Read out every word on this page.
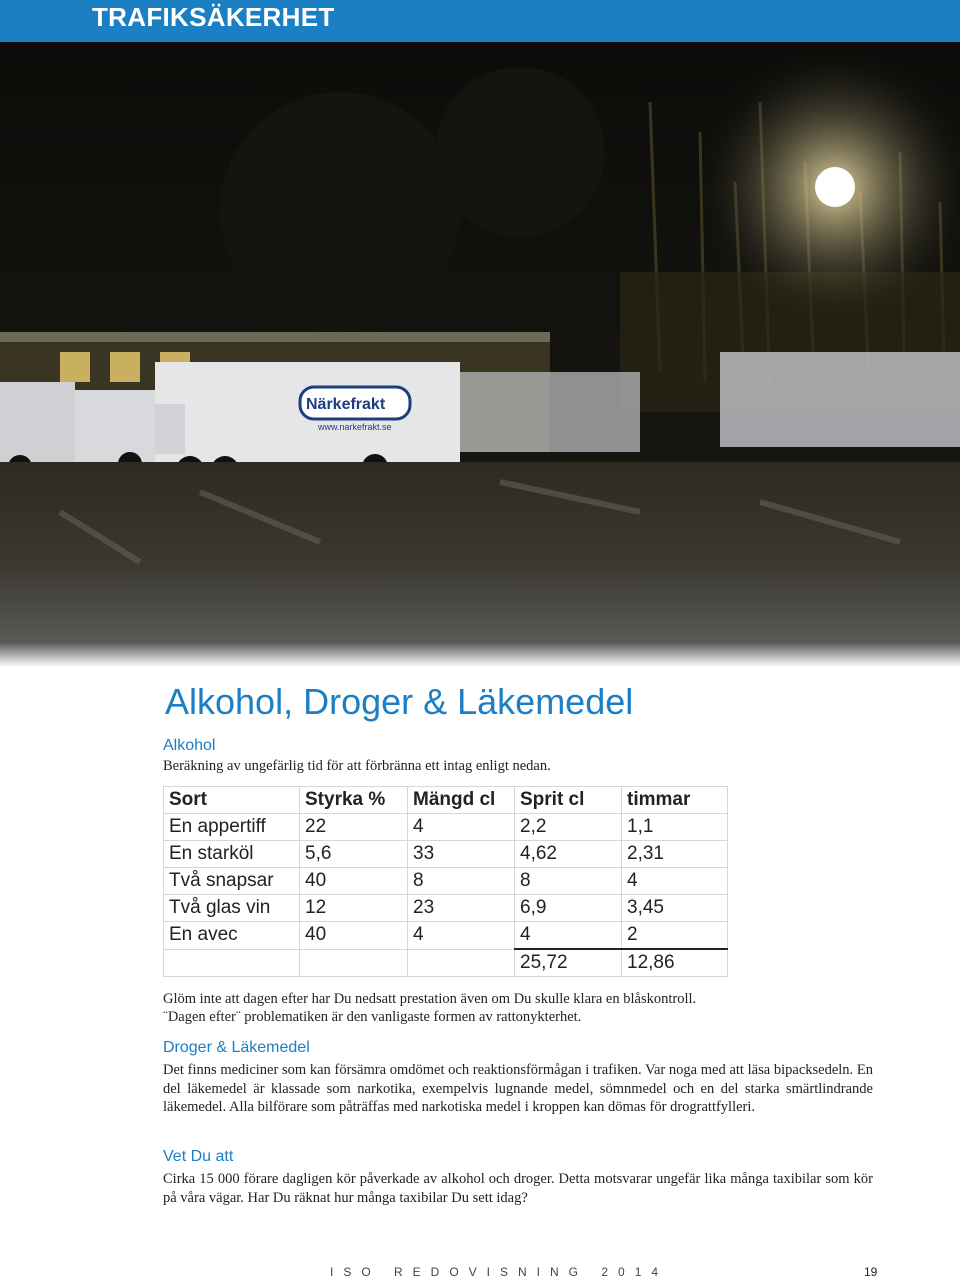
TRAFIKSÄKERHET
Närkefrakt
www.narkefrakt.se
Alkohol, Droger & Läkemedel
Alkohol
Beräkning av ungefärlig tid för att förbränna ett intag enligt nedan.
Sort	Styrka %	Mängd cl	Sprit cl	timmar
En appertiff	22	4	2,2	1,1
En starköl	5,6	33	4,62	2,31
Två snapsar	40	8	8	4
Två glas vin	12	23	6,9	3,45
En avec	40	4	4	2
			25,72	12,86
Glöm inte att dagen efter har Du nedsatt prestation även om Du skulle klara en blåskontroll.
¨Dagen efter¨ problematiken är den vanligaste formen av rattonykterhet.
Droger & Läkemedel
Det finns mediciner som kan försämra omdömet och reaktionsförmågan i trafiken. Var noga med att läsa bipacksedeln. En del läkemedel är klassade som narkotika, exempelvis lugnande medel, sömnmedel och en del starka smärtlindrande läkemedel. Alla bilförare som påträffas med narkotiska medel i kroppen kan dömas för drograttfylleri.
Vet Du att
Cirka 15 000 förare dagligen kör påverkade av alkohol och droger. Detta motsvarar ungefär lika många taxibilar som kör på våra vägar. Har Du räknat hur många taxibilar Du sett idag?
ISO REDOVISNING 2014	19
